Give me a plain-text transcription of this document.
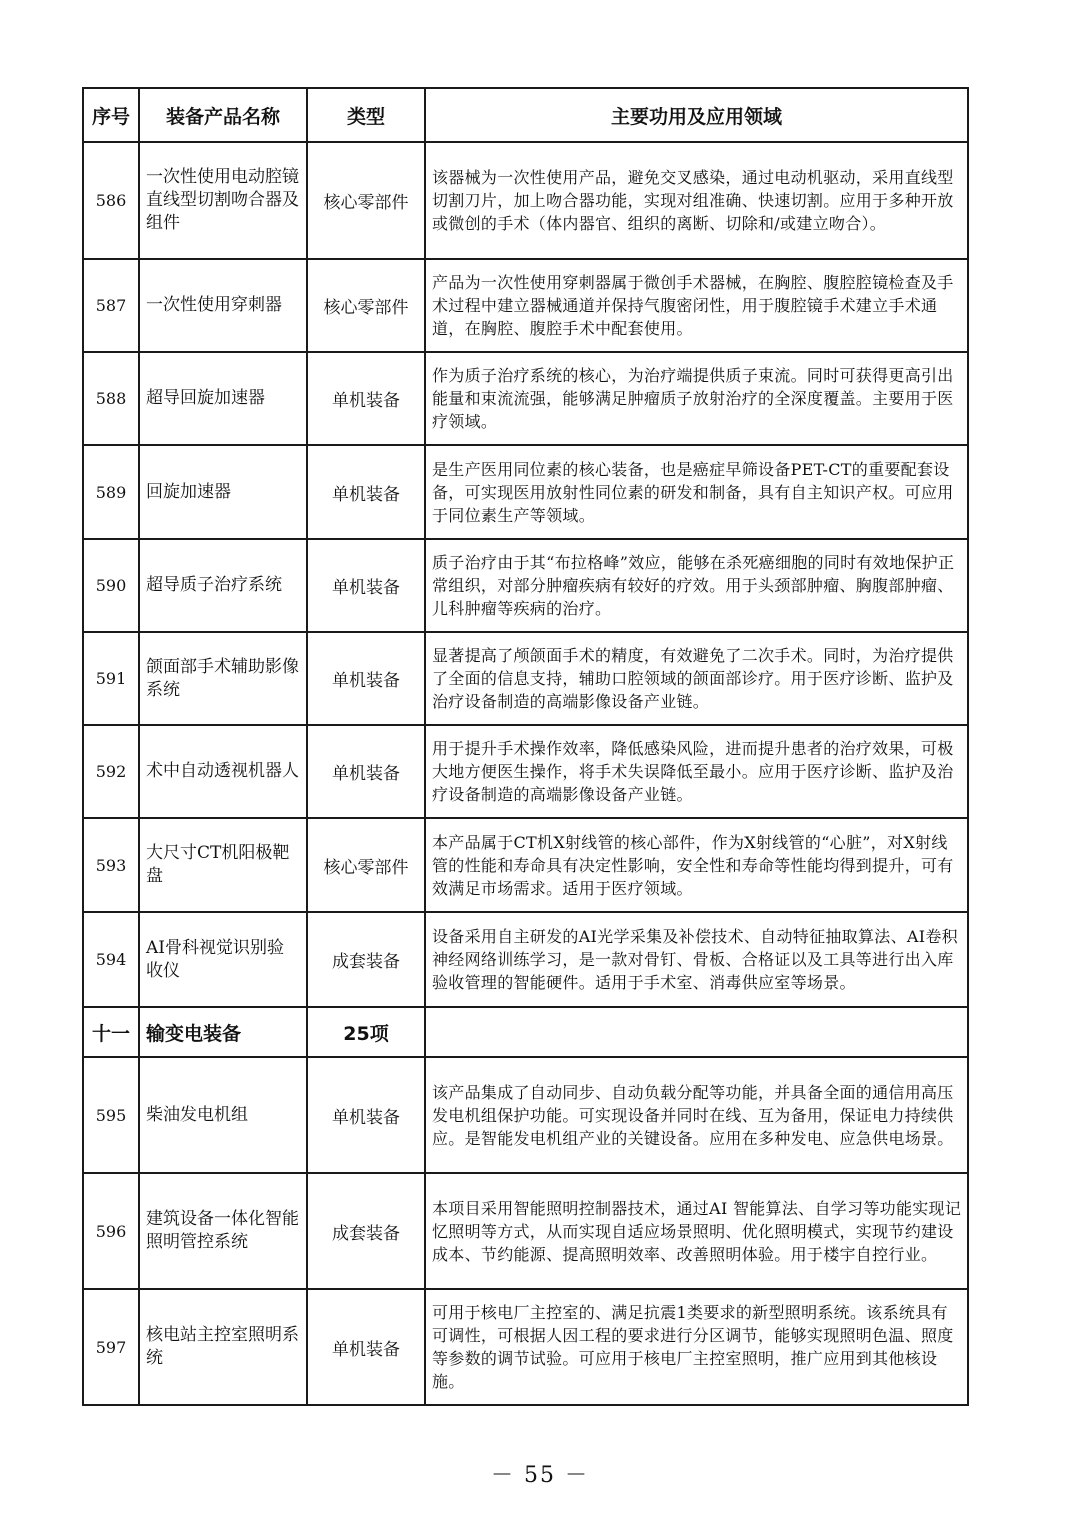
序号	装备产品名称	类型	主要功用及应用领域
586	一次性使用电动腔镜直线型切割吻合器及组件	核心零部件	该器械为一次性使用产品，避免交叉感染，通过电动机驱动，采用直线型切割刀片，加上吻合器功能，实现对组准确、快速切割。应用于多种开放或微创的手术（体内器官、组织的离断、切除和/或建立吻合）。
587	一次性使用穿刺器	核心零部件	产品为一次性使用穿刺器属于微创手术器械，在胸腔、腹腔腔镜检查及手术过程中建立器械通道并保持气腹密闭性，用于腹腔镜手术建立手术通道，在胸腔、腹腔手术中配套使用。
588	超导回旋加速器	单机装备	作为质子治疗系统的核心，为治疗端提供质子束流。同时可获得更高引出能量和束流流强，能够满足肿瘤质子放射治疗的全深度覆盖。主要用于医疗领域。
589	回旋加速器	单机装备	是生产医用同位素的核心装备，也是癌症早筛设备PET-CT的重要配套设备，可实现医用放射性同位素的研发和制备，具有自主知识产权。可应用于同位素生产等领域。
590	超导质子治疗系统	单机装备	质子治疗由于其“布拉格峰”效应，能够在杀死癌细胞的同时有效地保护正常组织，对部分肿瘤疾病有较好的疗效。用于头颈部肿瘤、胸腹部肿瘤、儿科肿瘤等疾病的治疗。
591	颌面部手术辅助影像系统	单机装备	显著提高了颅颌面手术的精度，有效避免了二次手术。同时，为治疗提供了全面的信息支持，辅助口腔领域的颌面部诊疗。用于医疗诊断、监护及治疗设备制造的高端影像设备产业链。
592	术中自动透视机器人	单机装备	用于提升手术操作效率，降低感染风险，进而提升患者的治疗效果，可极大地方便医生操作，将手术失误降低至最小。应用于医疗诊断、监护及治疗设备制造的高端影像设备产业链。
593	大尺寸CT机阳极靶盘	核心零部件	本产品属于CT机X射线管的核心部件，作为X射线管的“心脏”，对X射线管的性能和寿命具有决定性影响，安全性和寿命等性能均得到提升，可有效满足市场需求。适用于医疗领域。
594	AI骨科视觉识别验收仪	成套装备	设备采用自主研发的AI光学采集及补偿技术、自动特征抽取算法、AI卷积神经网络训练学习，是一款对骨钉、骨板、合格证以及工具等进行出入库验收管理的智能硬件。适用于手术室、消毒供应室等场景。
十一	输变电装备	25项	
595	柴油发电机组	单机装备	该产品集成了自动同步、自动负载分配等功能，并具备全面的通信用高压发电机组保护功能。可实现设备并同时在线、互为备用，保证电力持续供应。是智能发电机组产业的关键设备。应用在多种发电、应急供电场景。
596	建筑设备一体化智能照明管控系统	成套装备	本项目采用智能照明控制器技术，通过AI 智能算法、自学习等功能实现记忆照明等方式，从而实现自适应场景照明、优化照明模式，实现节约建设成本、节约能源、提高照明效率、改善照明体验。用于楼宇自控行业。
597	核电站主控室照明系统	单机装备	可用于核电厂主控室的、满足抗震1类要求的新型照明系统。该系统具有可调性，可根据人因工程的要求进行分区调节，能够实现照明色温、照度等参数的调节试验。可应用于核电厂主控室照明，推广应用到其他核设施。
－ 55 －
